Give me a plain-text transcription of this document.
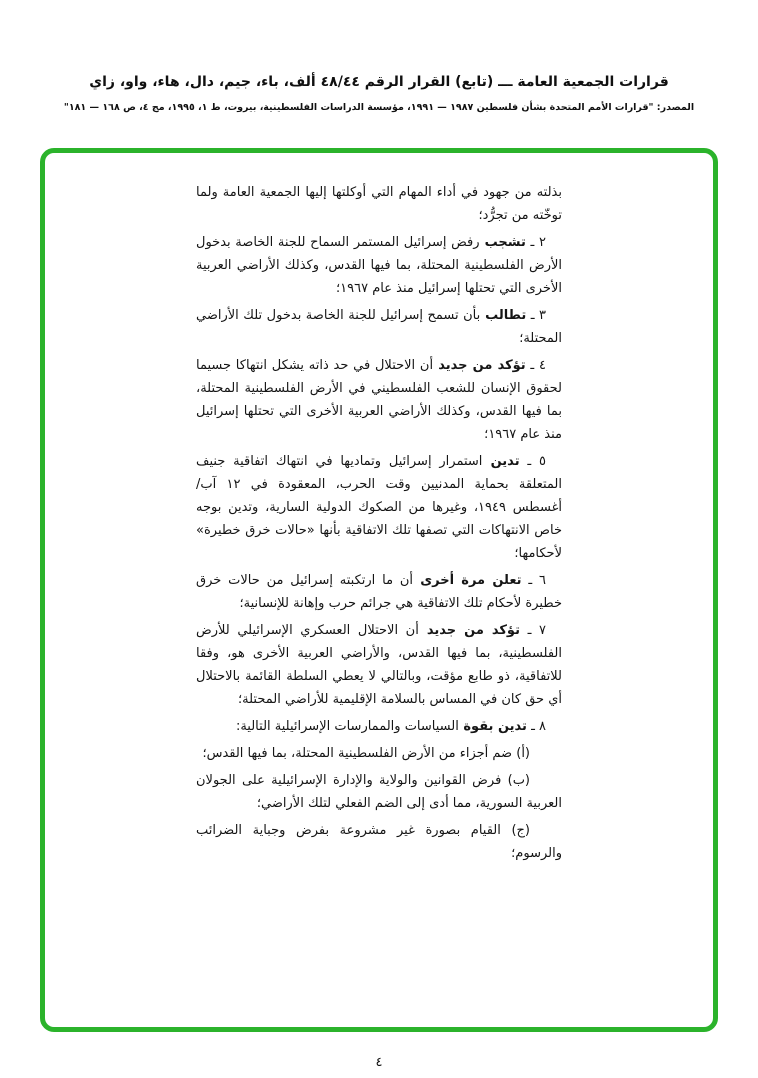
قرارات الجمعية العامة ـــ (تابع) القرار الرقم ٤٨/٤٤ ألف، باء، جيم، دال، هاء، واو، زاي
المصدر: "قرارات الأمم المتحدة بشأن فلسطين ١٩٨٧ — ١٩٩١، مؤسسة الدراسات الفلسطينية، بيروت، ط ١، ١٩٩٥، مج ٤، ص ١٦٨ — ١٨١"
بذلته من جهود في أداء المهام التي أوكلتها إليها الجمعية العامة ولما توخّته من تجرُّد؛
٢ ـ تشجب رفض إسرائيل المستمر السماح للجنة الخاصة بدخول الأرض الفلسطينية المحتلة، بما فيها القدس، وكذلك الأراضي العربية الأخرى التي تحتلها إسرائيل منذ عام ١٩٦٧؛
٣ ـ تطالب بأن تسمح إسرائيل للجنة الخاصة بدخول تلك الأراضي المحتلة؛
٤ ـ تؤكد من جديد أن الاحتلال في حد ذاته يشكل انتهاكا جسيما لحقوق الإنسان للشعب الفلسطيني في الأرض الفلسطينية المحتلة، بما فيها القدس، وكذلك الأراضي العربية الأخرى التي تحتلها إسرائيل منذ عام ١٩٦٧؛
٥ ـ تدين استمرار إسرائيل وتماديها في انتهاك اتفاقية جنيف المتعلقة بحماية المدنيين وقت الحرب، المعقودة في ١٢ آب/ أغسطس ١٩٤٩، وغيرها من الصكوك الدولية السارية، وتدين بوجه خاص الانتهاكات التي تصفها تلك الاتفاقية بأنها «حالات خرق خطيرة» لأحكامها؛
٦ ـ تعلن مرة أخرى أن ما ارتكبته إسرائيل من حالات خرق خطيرة لأحكام تلك الاتفاقية هي جرائم حرب وإهانة للإنسانية؛
٧ ـ تؤكد من جديد أن الاحتلال العسكري الإسرائيلي للأرض الفلسطينية، بما فيها القدس، والأراضي العربية الأخرى هو، وفقا للاتفاقية، ذو طابع مؤقت، وبالتالي لا يعطي السلطة القائمة بالاحتلال أي حق كان في المساس بالسلامة الإقليمية للأراضي المحتلة؛
٨ ـ تدين بقوة السياسات والممارسات الإسرائيلية التالية:
(أ) ضم أجزاء من الأرض الفلسطينية المحتلة، بما فيها القدس؛
(ب) فرض القوانين والولاية والإدارة الإسرائيلية على الجولان العربية السورية، مما أدى إلى الضم الفعلي لتلك الأراضي؛
(ج) القيام بصورة غير مشروعة بفرض وجباية الضرائب والرسوم؛
٤
